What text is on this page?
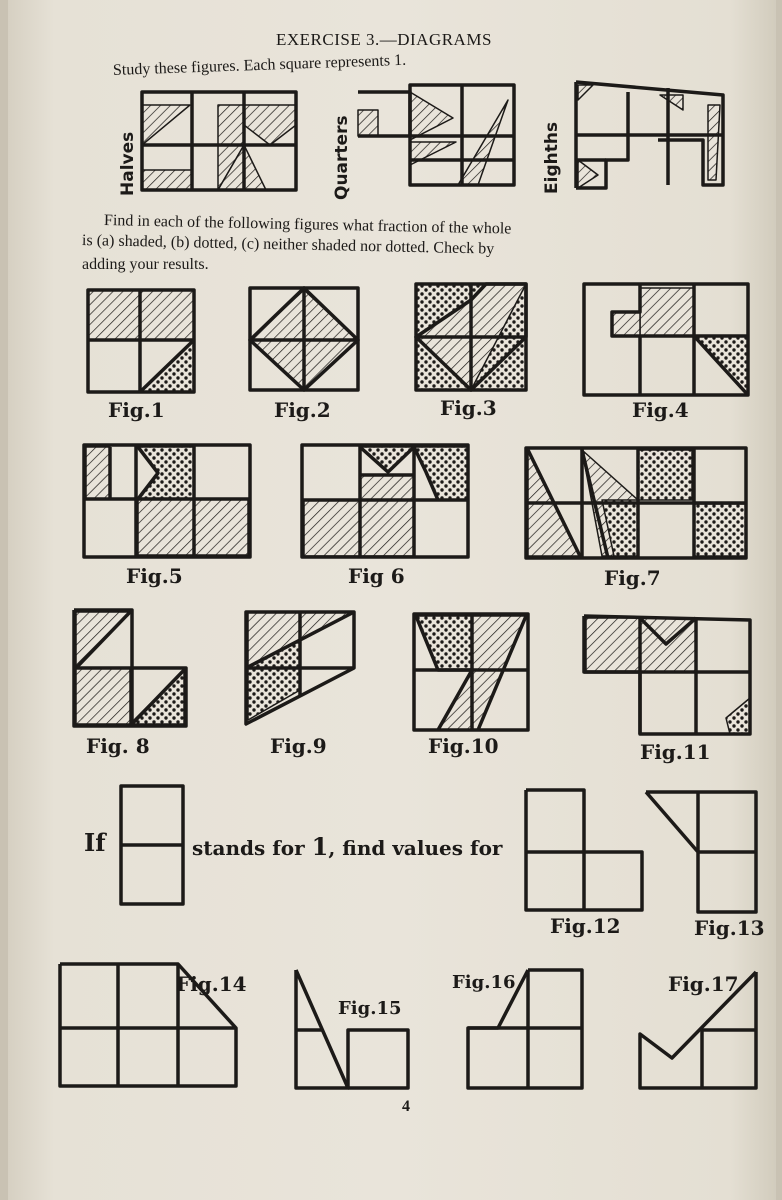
EXERCISE 3.—DIAGRAMS
Study these figures. Each square represents 1.
Halves	Quarters	Eighths
Find in each of the following figures what fraction of the whole
is (a) shaded, (b) dotted, (c) neither shaded nor dotted. Check by
adding your results.
Fig.1	Fig.2	Fig.3	Fig.4
Fig.5	Fig 6	Fig.7
Fig. 8	Fig.9	Fig.10	Fig.11
If	stands for 1, find values for
Fig.12	Fig.13
Fig.14
Fig.15
Fig.16	Fig.17
4
